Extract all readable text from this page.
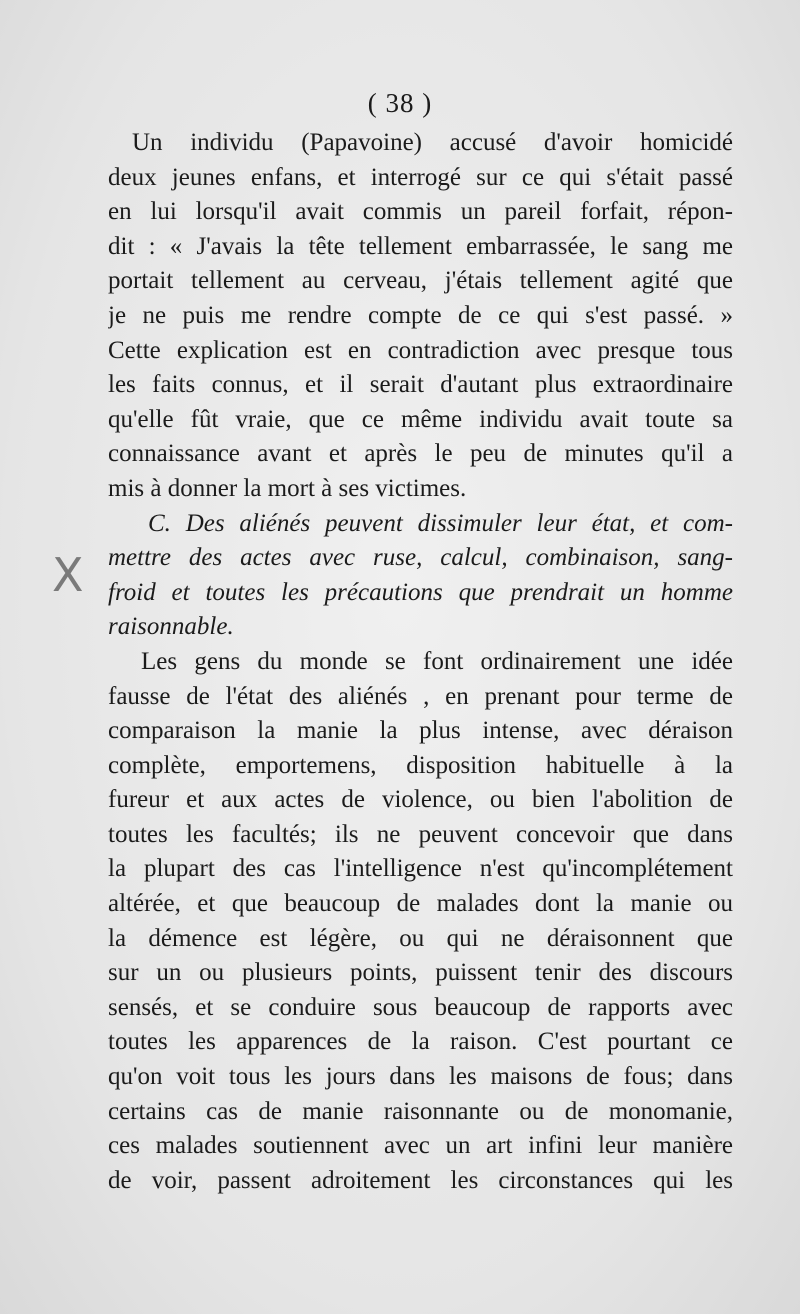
( 38 )
X
Un individu (Papavoine) accusé d'avoir homicidé
deux jeunes enfans, et interrogé sur ce qui s'était passé
en lui lorsqu'il avait commis un pareil forfait, répon-
dit : « J'avais la tête tellement embarrassée, le sang me
portait tellement au cerveau, j'étais tellement agité que
je ne puis me rendre compte de ce qui s'est passé. »
Cette explication est en contradiction avec presque tous
les faits connus, et il serait d'autant plus extraordinaire
qu'elle fût vraie, que ce même individu avait toute sa
connaissance avant et après le peu de minutes qu'il a
mis à donner la mort à ses victimes.
C. Des aliénés peuvent dissimuler leur état, et com-
mettre des actes avec ruse, calcul, combinaison, sang-
froid et toutes les précautions que prendrait un homme
raisonnable.
Les gens du monde se font ordinairement une idée
fausse de l'état des aliénés , en prenant pour terme de
comparaison la manie la plus intense, avec déraison
complète, emportemens, disposition habituelle à la
fureur et aux actes de violence, ou bien l'abolition de
toutes les facultés; ils ne peuvent concevoir que dans
la plupart des cas l'intelligence n'est qu'incomplétement
altérée, et que beaucoup de malades dont la manie ou
la démence est légère, ou qui ne déraisonnent que
sur un ou plusieurs points, puissent tenir des discours
sensés, et se conduire sous beaucoup de rapports avec
toutes les apparences de la raison. C'est pourtant ce
qu'on voit tous les jours dans les maisons de fous; dans
certains cas de manie raisonnante ou de monomanie,
ces malades soutiennent avec un art infini leur manière
de voir, passent adroitement les circonstances qui les
